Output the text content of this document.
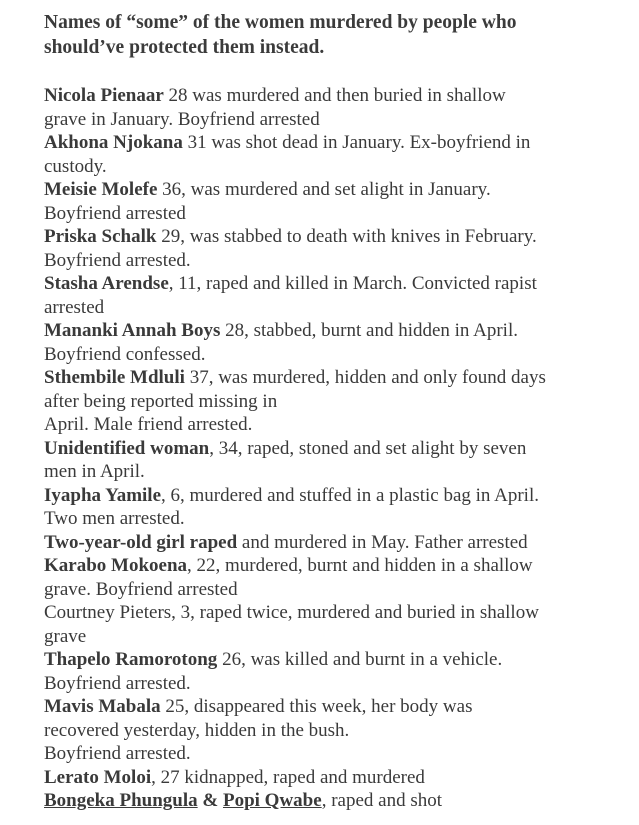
Names of “some” of the women murdered by people who
should’ve protected them instead.
Nicola Pienaar 28 was murdered and then buried in shallow
grave in January. Boyfriend arrested
Akhona Njokana 31 was shot dead in January. Ex-boyfriend in
custody.
Meisie Molefe 36, was murdered and set alight in January.
Boyfriend arrested
Priska Schalk 29, was stabbed to death with knives in February.
Boyfriend arrested.
Stasha Arendse, 11, raped and killed in March. Convicted rapist
arrested
Mananki Annah Boys 28, stabbed, burnt and hidden in April.
Boyfriend confessed.
Sthembile Mdluli 37, was murdered, hidden and only found days
after being reported missing in
April. Male friend arrested.
Unidentified woman, 34, raped, stoned and set alight by seven
men in April.
Iyapha Yamile, 6, murdered and stuffed in a plastic bag in April.
Two men arrested.
Two-year-old girl raped and murdered in May. Father arrested
Karabo Mokoena, 22, murdered, burnt and hidden in a shallow
grave. Boyfriend arrested
Courtney Pieters, 3, raped twice, murdered and buried in shallow
grave
Thapelo Ramorotong 26, was killed and burnt in a vehicle.
Boyfriend arrested.
Mavis Mabala 25, disappeared this week, her body was
recovered yesterday, hidden in the bush.
Boyfriend arrested.
Lerato Moloi, 27 kidnapped, raped and murdered
Bongeka Phungula & Popi Qwabe, raped and shot
